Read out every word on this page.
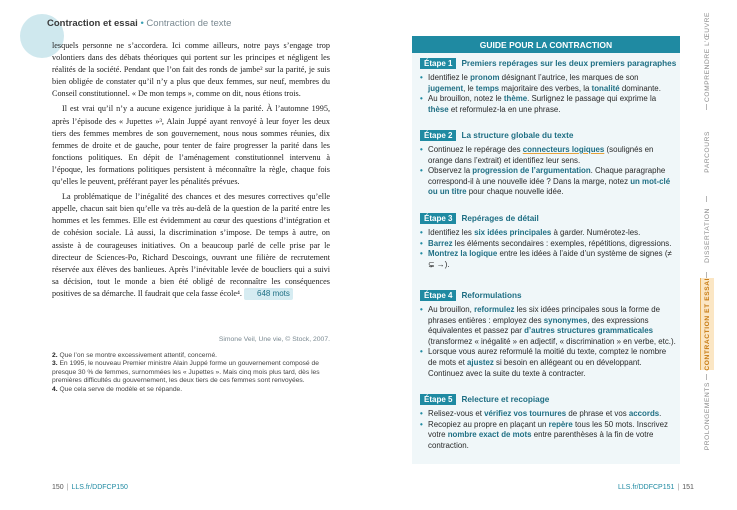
Contraction et essai • Contraction de texte

lesquels personne ne s’accordera. Ici comme ailleurs, notre pays s’engage trop volontiers dans des débats théoriques qui portent sur les principes et négligent les réalités de la société. Pendant que l’on fait des ronds de jambe² sur la parité, je suis bien obligée de constater qu’il n’y a plus que deux femmes, sur neuf, membres du Conseil constitutionnel. « De mon temps », comme on dit, nous étions trois.

Il est vrai qu’il n’y a aucune exigence juridique à la parité. À l’automne 1995, après l’épisode des « Jupettes »³, Alain Juppé ayant renvoyé à leur foyer les deux tiers des femmes membres de son gouvernement, nous nous sommes réunies, dix femmes de droite et de gauche, pour tenter de faire progresser la parité dans les fonctions politiques. En dépit de l’aménagement constitutionnel intervenu à l’époque, les formations politiques persistent à méconnaître la règle, chaque fois qu’elles le peuvent, préférant payer les pénalités prévues.

La problématique de l’inégalité des chances et des mesures correctives qu’elle appelle, chacun sait bien qu’elle va très au-delà de la question de la parité entre les hommes et les femmes. Elle est évidemment au cœur des questions d’intégration et de cohésion sociale. Là aussi, la discrimination s’impose. De temps à autre, on assiste à de courageuses initiatives. On a beaucoup parlé de celle prise par le directeur de Sciences-Po, Richard Descoings, ouvrant une filière de recrutement réservée aux élèves des banlieues. Après l’inévitable levée de boucliers qui a suivi sa décision, tout le monde a bien été obligé de reconnaître les conséquences positives de sa démarche. Il faudrait que cela fasse école⁴. 648 mots

Simone Veil, Une vie, © Stock, 2007.
2. Que l’on se montre excessivement attentif, concerné.
3. En 1995, le nouveau Premier ministre Alain Juppé forme un gouvernement composé de presque 30 % de femmes, surnommées les « Jupettes ». Mais cinq mois plus tard, dès les premières difficultés du gouvernement, les deux tiers de ces femmes sont renvoyées.
4. Que cela serve de modèle et se répande.
GUIDE POUR LA CONTRACTION
Étape 1	Premiers repérages sur les deux premiers paragraphes
• Identifiez le pronom désignant l’autrice, les marques de son jugement, le temps majoritaire des verbes, la tonalité dominante.
• Au brouillon, notez le thème. Surlignez le passage qui exprime la thèse et reformulez-la en une phrase.
Étape 2	La structure globale du texte
• Continuez le repérage des connecteurs logiques (soulignés en orange dans l’extrait) et identifiez leur sens.
• Observez la progression de l’argumentation. Chaque paragraphe correspond-il à une nouvelle idée ? Dans la marge, notez un mot-clé ou un titre pour chaque nouvelle idée.
Étape 3	Repérages de détail
• Identifiez les six idées principales à garder. Numérotez-les.
• Barrez les éléments secondaires : exemples, répétitions, digressions.
• Montrez la logique entre les idées à l’aide d’un système de signes (≠ ⊊ →).
Étape 4	Reformulations
• Au brouillon, reformulez les six idées principales sous la forme de phrases entières : employez des synonymes, des expressions équivalentes et passez par d’autres structures grammaticales (transformez « inégalité » en adjectif, « discrimination » en verbe, etc.).
• Lorsque vous aurez reformulé la moitié du texte, comptez le nombre de mots et ajustez si besoin en allégeant ou en développant. Continuez avec la suite du texte à contracter.
Étape 5	Relecture et recopiage
• Relisez-vous et vérifiez vos tournures de phrase et vos accords.
• Recopiez au propre en plaçant un repère tous les 50 mots. Inscrivez votre nombre exact de mots entre parenthèses à la fin de votre contraction.
COMPRENDRE L’ŒUVRE
PARCOURS
DISSERTATION
CONTRACTION ET ESSAI
PROLONGEMENTS
150 | LLS.fr/DDFCP150	LLS.fr/DDFCP151 | 151
